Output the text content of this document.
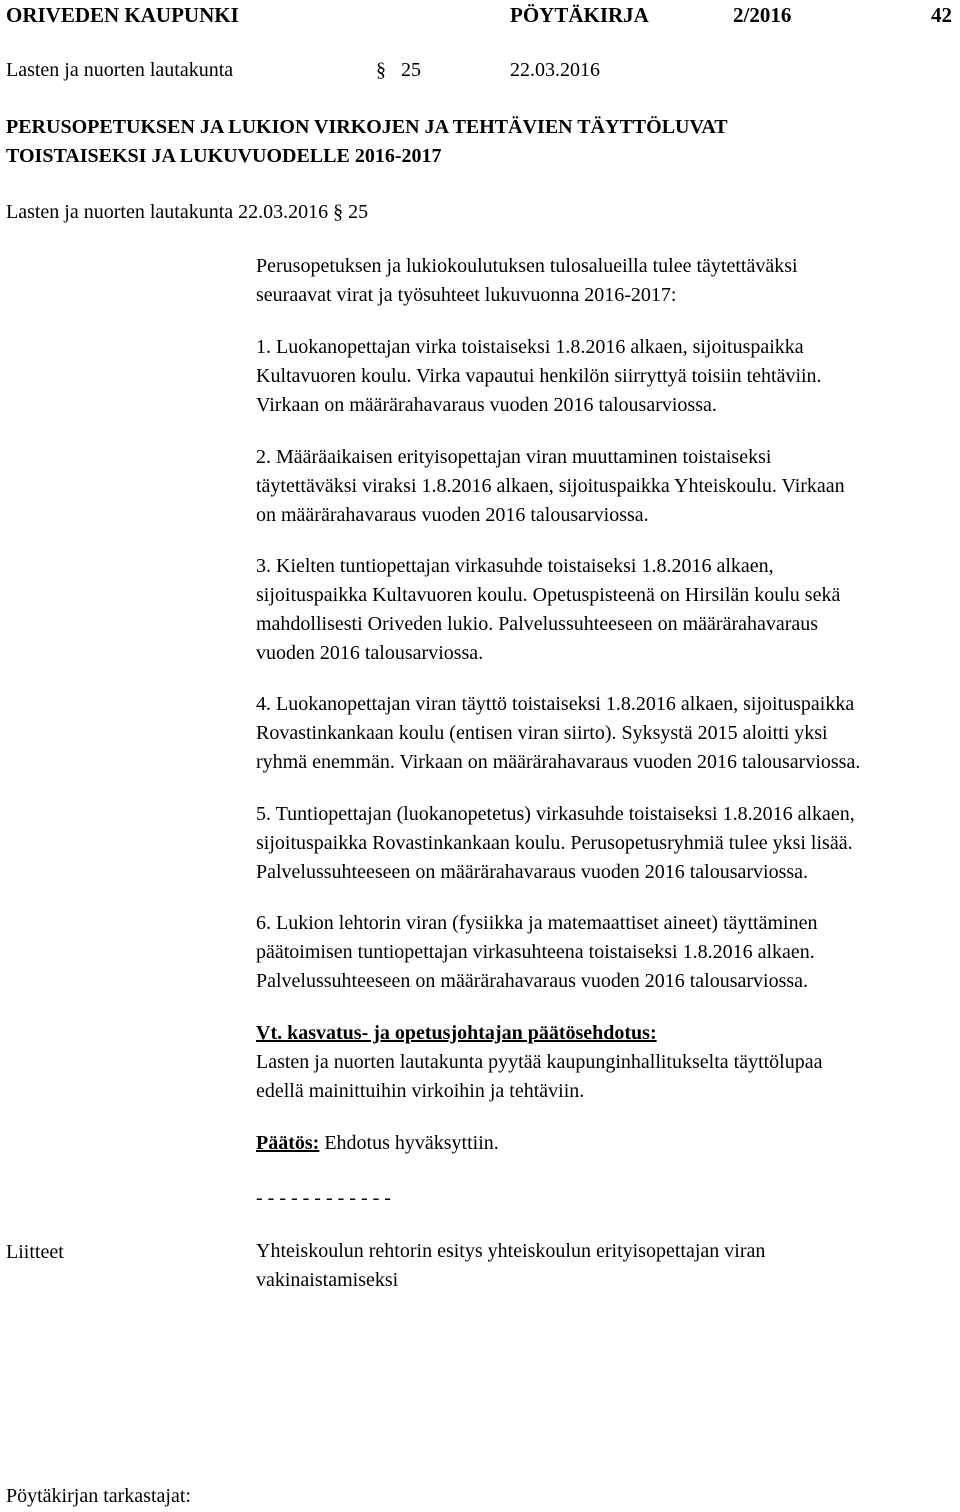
ORIVEDEN KAUPUNKI	PÖYTÄKIRJA	2/2016	42
Lasten ja nuorten lautakunta	§ 25	22.03.2016
PERUSOPETUKSEN JA LUKION VIRKOJEN JA TEHTÄVIEN TÄYTTÖLUVAT
TOISTAISEKSI JA LUKUVUODELLE 2016-2017
Lasten ja nuorten lautakunta 22.03.2016 § 25
Perusopetuksen ja lukiokoulutuksen tulosalueilla tulee täytettäväksi
seuraavat virat ja työsuhteet lukuvuonna 2016-2017:
1. Luokanopettajan virka toistaiseksi 1.8.2016 alkaen, sijoituspaikka
Kultavuoren koulu. Virka vapautui henkilön siirryttyä toisiin tehtäviin.
Virkaan on määrärahavaraus vuoden 2016 talousarviossa.
2. Määräaikaisen erityisopettajan viran muuttaminen toistaiseksi
täytettäväksi viraksi 1.8.2016 alkaen, sijoituspaikka Yhteiskoulu. Virkaan
on määrärahavaraus vuoden 2016 talousarviossa.
3. Kielten tuntiopettajan virkasuhde toistaiseksi 1.8.2016 alkaen,
sijoituspaikka Kultavuoren koulu. Opetuspisteenä on Hirsilän koulu sekä
mahdollisesti Oriveden lukio. Palvelussuhteeseen on määrärahavaraus
vuoden 2016 talousarviossa.
4. Luokanopettajan viran täyttö toistaiseksi 1.8.2016 alkaen, sijoituspaikka
Rovastinkankaan koulu (entisen viran siirto). Syksystä 2015 aloitti yksi
ryhmä enemmän. Virkaan on määrärahavaraus vuoden 2016 talousarviossa.
5. Tuntiopettajan (luokanopetetus) virkasuhde toistaiseksi 1.8.2016 alkaen,
sijoituspaikka Rovastinkankaan koulu. Perusopetusryhmiä tulee yksi lisää.
Palvelussuhteeseen on määrärahavaraus vuoden 2016 talousarviossa.
6. Lukion lehtorin viran (fysiikka ja matemaattiset aineet) täyttäminen
päätoimisen tuntiopettajan virkasuhteena toistaiseksi 1.8.2016 alkaen.
Palvelussuhteeseen on määrärahavaraus vuoden 2016 talousarviossa.
Vt. kasvatus- ja opetusjohtajan päätösehdotus:
Lasten ja nuorten lautakunta pyytää kaupunginhallitukselta täyttölupaa
edellä mainittuihin virkoihin ja tehtäviin.
Päätös: Ehdotus hyväksyttiin.
- - - - - - - - - - - -
Liitteet	Yhteiskoulun rehtorin esitys yhteiskoulun erityisopettajan viran
vakinaistamiseksi
Pöytäkirjan tarkastajat:
